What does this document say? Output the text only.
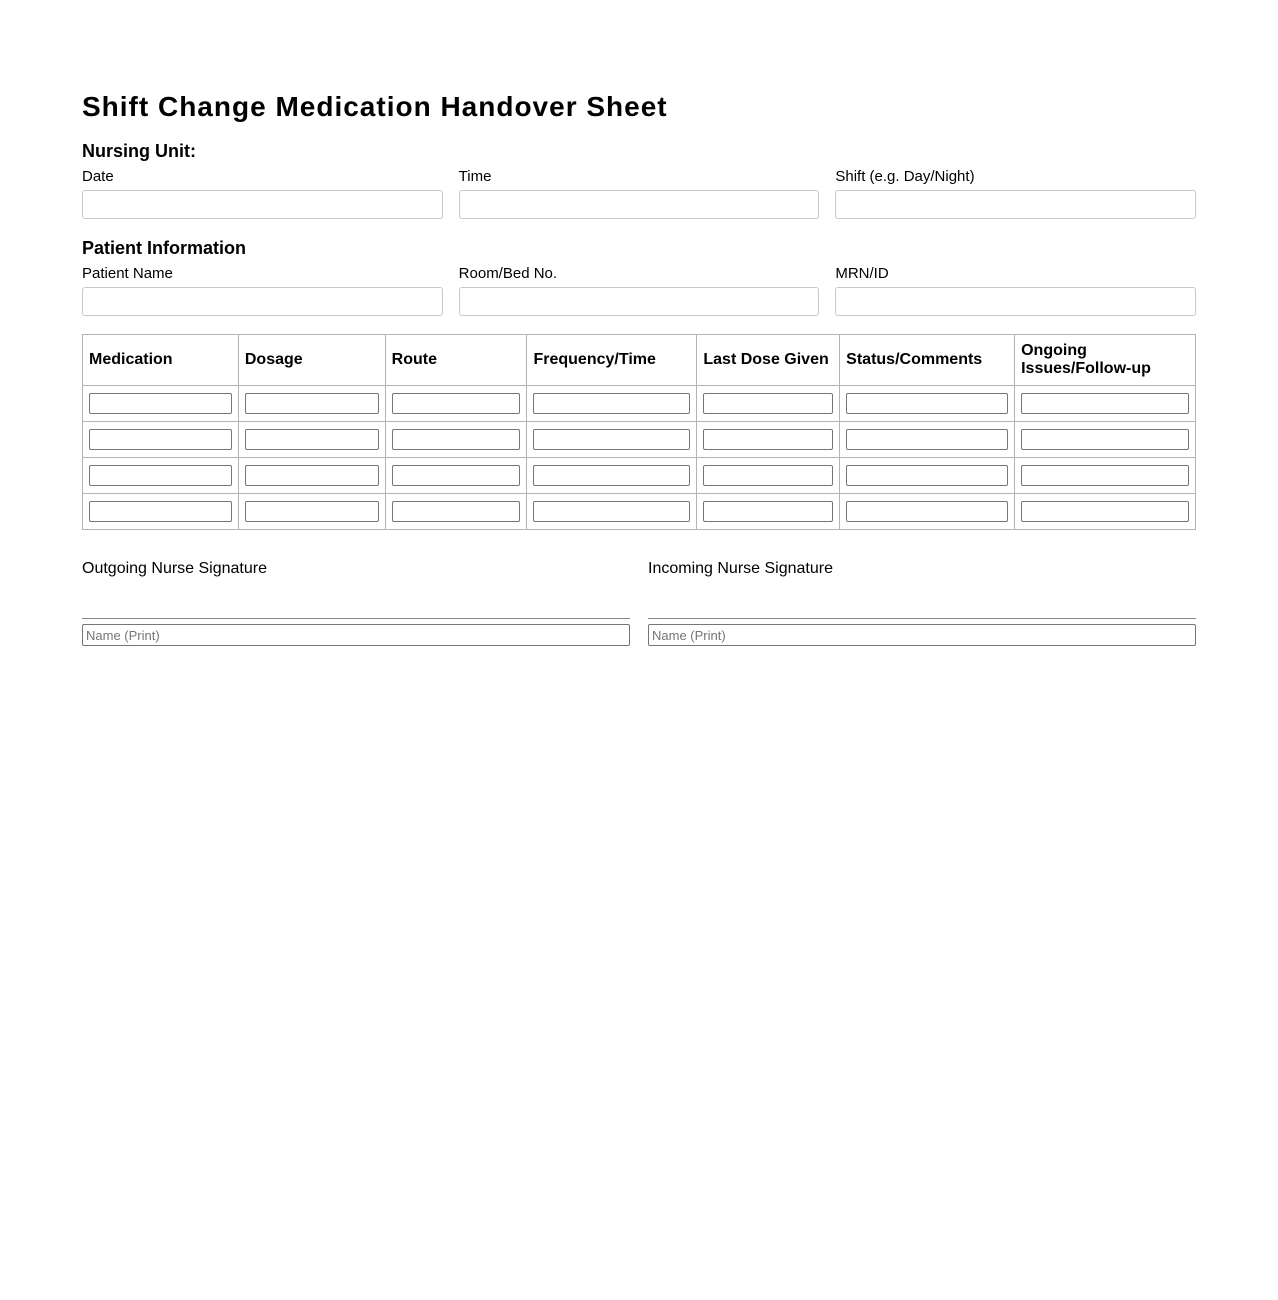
Shift Change Medication Handover Sheet
Nursing Unit:
Date	Time	Shift (e.g. Day/Night)
Patient Information
Patient Name	Room/Bed No.	MRN/ID
Medication	Dosage	Route	Frequency/Time	Last Dose Given	Status/Comments	Ongoing Issues/Follow-up

Outgoing Nurse Signature
Name (Print)	Incoming Nurse Signature
Name (Print)
